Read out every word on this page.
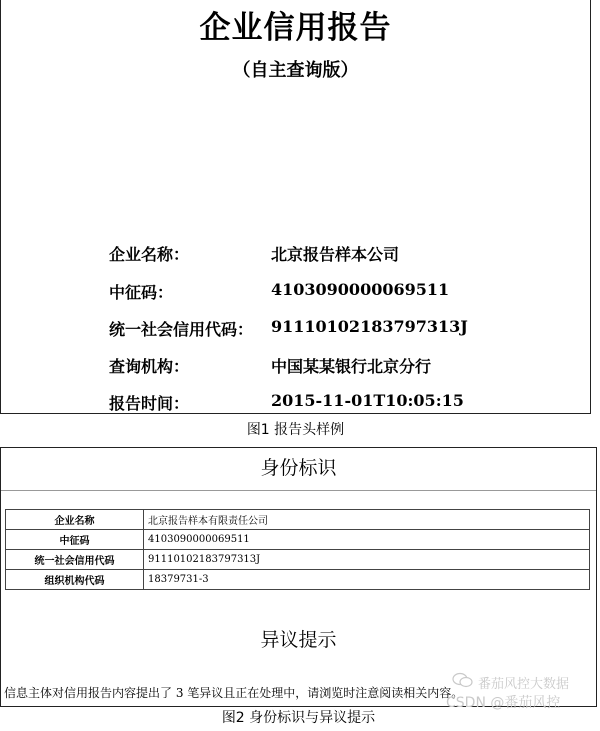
企业信用报告
（自主查询版）
企业名称：	北京报告样本公司
中征码：	4103090000069511
统一社会信用代码： 91110102183797313J
查询机构：	中国某某银行北京分行
报告时间：	2015-11-01T10:05:15
图1 报告头样例
身份标识
企业名称	北京报告样本有限责任公司
中征码	4103090000069511
统一社会信用代码	91110102183797313J
组织机构代码	18379731-3
异议提示
信息主体对信用报告内容提出了 3 笔异议且正在处理中，请浏览时注意阅读相关内容。
图2 身份标识与异议提示
番茄风控大数据
CSDN @番茄风控
